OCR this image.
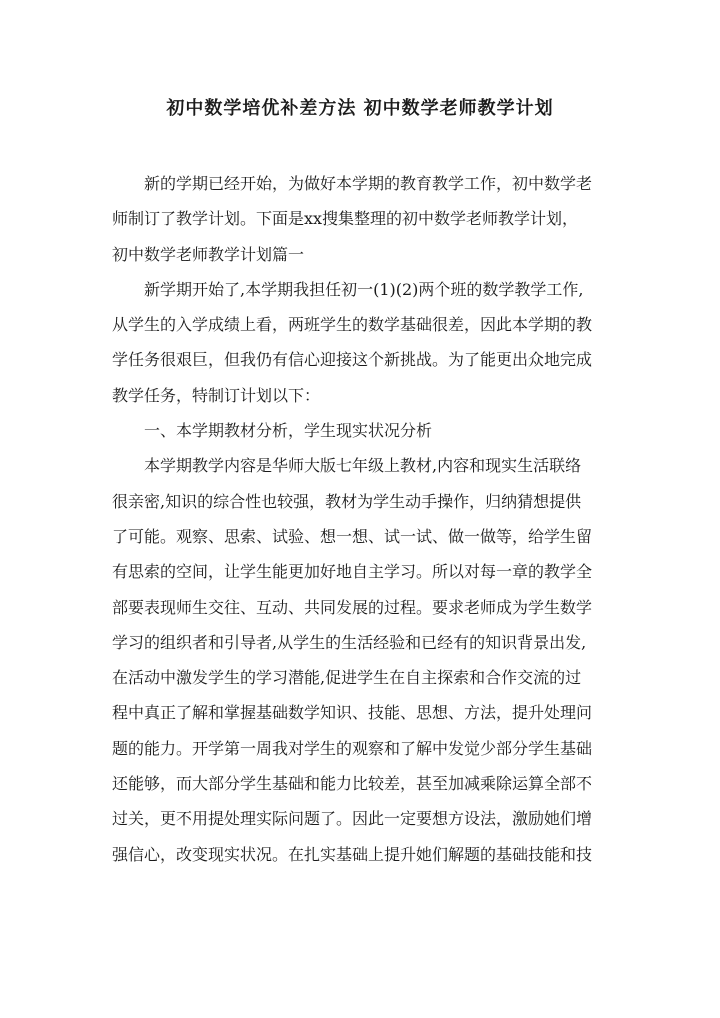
初中数学培优补差方法 初中数学老师教学计划
新的学期已经开始，为做好本学期的教育教学工作，初中数学老
师制订了教学计划。下面是xx搜集整理的初中数学老师教学计划，
初中数学老师教学计划篇一
新学期开始了,本学期我担任初一(1)(2)两个班的数学教学工作,
从学生的入学成绩上看，两班学生的数学基础很差，因此本学期的教
学任务很艰巨，但我仍有信心迎接这个新挑战。为了能更出众地完成
教学任务，特制订计划以下：
一、本学期教材分析，学生现实状况分析
本学期教学内容是华师大版七年级上教材,内容和现实生活联络
很亲密,知识的综合性也较强，教材为学生动手操作，归纳猜想提供
了可能。观察、思索、试验、想一想、试一试、做一做等，给学生留
有思索的空间，让学生能更加好地自主学习。所以对每一章的教学全
部要表现师生交往、互动、共同发展的过程。要求老师成为学生数学
学习的组织者和引导者,从学生的生活经验和已经有的知识背景出发,
在活动中激发学生的学习潜能,促进学生在自主探索和合作交流的过
程中真正了解和掌握基础数学知识、技能、思想、方法，提升处理问
题的能力。开学第一周我对学生的观察和了解中发觉少部分学生基础
还能够，而大部分学生基础和能力比较差，甚至加减乘除运算全部不
过关，更不用提处理实际问题了。因此一定要想方设法，激励她们增
强信心，改变现实状况。在扎实基础上提升她们解题的基础技能和技
